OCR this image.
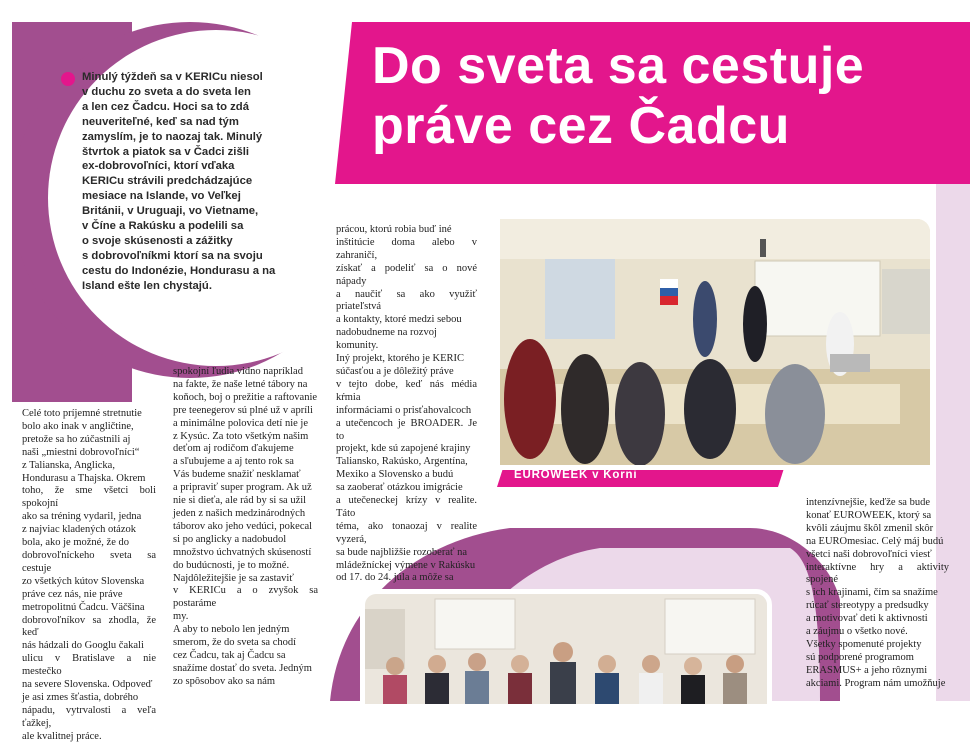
Do sveta sa cestuje
práve cez Čadcu
Minulý týždeň sa v KERICu niesol
v duchu zo sveta a do sveta len
a len cez Čadcu. Hoci sa to zdá
neuveriteľné, keď sa nad tým
zamyslím, je to naozaj tak. Minulý
štvrtok a piatok sa v Čadci zišli
ex-dobrovoľníci, ktorí vďaka
KERICu strávili predchádzajúce
mesiace na Islande, vo Veľkej
Británii, v Uruguaji, vo Vietname,
v Číne a Rakúsku a podelili sa
o svoje skúsenosti a zážitky
s dobrovoľníkmi ktorí sa na svoju
cestu do Indonézie, Hondurasu a na
Island ešte len chystajú.
EUROWEEK v Korni
Celé toto príjemné stretnutie
bolo ako inak v angličtine,
pretože sa ho zúčastnili aj
naši „miestni dobrovoľníci“
z Talianska, Anglicka,
Hondurasu a Thajska. Okrem
toho, že sme všetci boli spokojní
ako sa tréning vydaril, jedna
z najviac kladených otázok
bola, ako je možné, že do
dobrovoľníckeho sveta sa cestuje
zo všetkých kútov Slovenska
práve cez nás, nie práve
metropolitnú Čadcu. Väčšina
dobrovoľníkov sa zhodla, že keď
nás hádzali do Googlu čakali
ulicu v Bratislave a nie mestečko
na severe Slovenska. Odpoveď
je asi zmes šťastia, dobrého
nápadu, vytrvalosti a veľa ťažkej,
ale kvalitnej práce.
spokojní ľudia vidno napríklad
na fakte, že naše letné tábory na
koňoch, boj o prežitie a raftovanie
pre teenegerov sú plné už v apríli
a minimálne polovica detí nie je
z Kysúc. Za toto všetkým našim
deťom aj rodičom ďakujeme
a sľubujeme a aj tento rok sa
Vás budeme snažiť nesklamať
a pripraviť super program. Ak už
nie si dieťa, ale rád by si sa užil
jeden z našich medzinárodných
táborov ako jeho vedúci, pokecal
si po anglicky a nadobudol
množstvo úchvatných skúseností
do budúcnosti, je to možné.
Najdôležitejšie je sa zastaviť
v KERICu a o zvyšok sa postaráme
my.
A aby to nebolo len jedným
smerom, že do sveta sa chodí
cez Čadcu, tak aj Čadcu sa
snažíme dostať do sveta. Jedným
zo spôsobov ako sa nám
prácou, ktorú robia buď iné
inštitúcie doma alebo v zahraničí,
získať a podeliť sa o nové nápady
a naučiť sa ako využiť priateľstvá
a kontakty, ktoré medzi sebou
nadobudneme na rozvoj
komunity.
Iný projekt, ktorého je KERIC
súčasťou a je dôležitý práve
v tejto dobe, keď nás média kŕmia
informáciami o prisťahovalcoch
a utečencoch je BROADER. Je to
projekt, kde sú zapojené krajiny
Taliansko, Rakúsko, Argentína,
Mexiko a Slovensko a budú
sa zaoberať otázkou imigrácie
a utečeneckej krízy v realite. Táto
téma, ako tonaozaj v realite vyzerá,
sa bude najbližšie rozoberať na
mládežníckej výmene v Rakúsku
od 17. do 24. júla a môže sa
intenzívnejšie, keďže sa bude
konať EUROWEEK, ktorý sa
kvôli záujmu škôl zmenil skôr
na EUROmesiac. Celý máj budú
všetci naši dobrovoľníci viesť
interaktívne hry a aktivity spojené
s ich krajinami, čím sa snažíme
rúcať stereotypy a predsudky
a motivovať deti k aktivnosti
a záujmu o všetko nové.
Všetky spomenuté projekty
sú podporené programom
ERASMUS+ a jeho rôznymi
akciami. Program nám umožňuje
